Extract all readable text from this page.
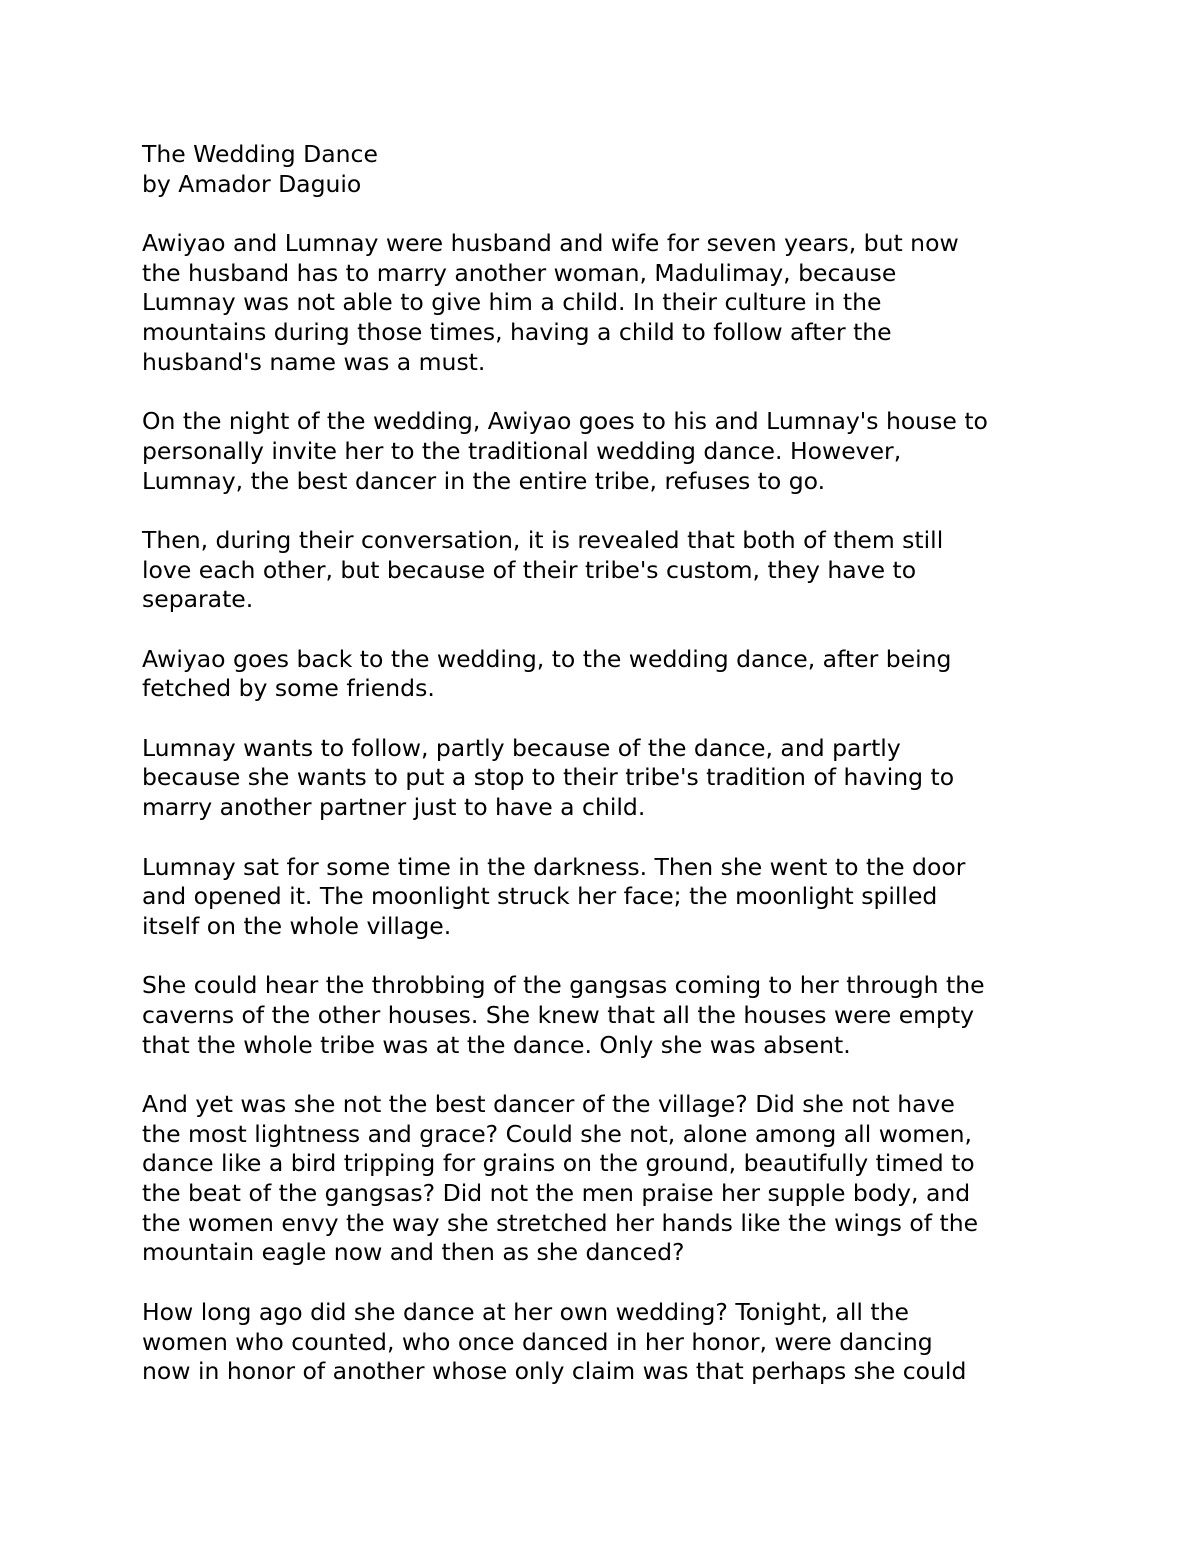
The Wedding Dance
by Amador Daguio
Awiyao and Lumnay were husband and wife for seven years, but now
the husband has to marry another woman, Madulimay, because
Lumnay was not able to give him a child. In their culture in the
mountains during those times, having a child to follow after the
husband's name was a must.
On the night of the wedding, Awiyao goes to his and Lumnay's house to
personally invite her to the traditional wedding dance. However,
Lumnay, the best dancer in the entire tribe, refuses to go.
Then, during their conversation, it is revealed that both of them still
love each other, but because of their tribe's custom, they have to
separate.
Awiyao goes back to the wedding, to the wedding dance, after being
fetched by some friends.
Lumnay wants to follow, partly because of the dance, and partly
because she wants to put a stop to their tribe's tradition of having to
marry another partner just to have a child.
Lumnay sat for some time in the darkness. Then she went to the door
and opened it. The moonlight struck her face; the moonlight spilled
itself on the whole village.
She could hear the throbbing of the gangsas coming to her through the
caverns of the other houses. She knew that all the houses were empty
that the whole tribe was at the dance. Only she was absent.
And yet was she not the best dancer of the village? Did she not have
the most lightness and grace? Could she not, alone among all women,
dance like a bird tripping for grains on the ground, beautifully timed to
the beat of the gangsas? Did not the men praise her supple body, and
the women envy the way she stretched her hands like the wings of the
mountain eagle now and then as she danced?
How long ago did she dance at her own wedding? Tonight, all the
women who counted, who once danced in her honor, were dancing
now in honor of another whose only claim was that perhaps she could
